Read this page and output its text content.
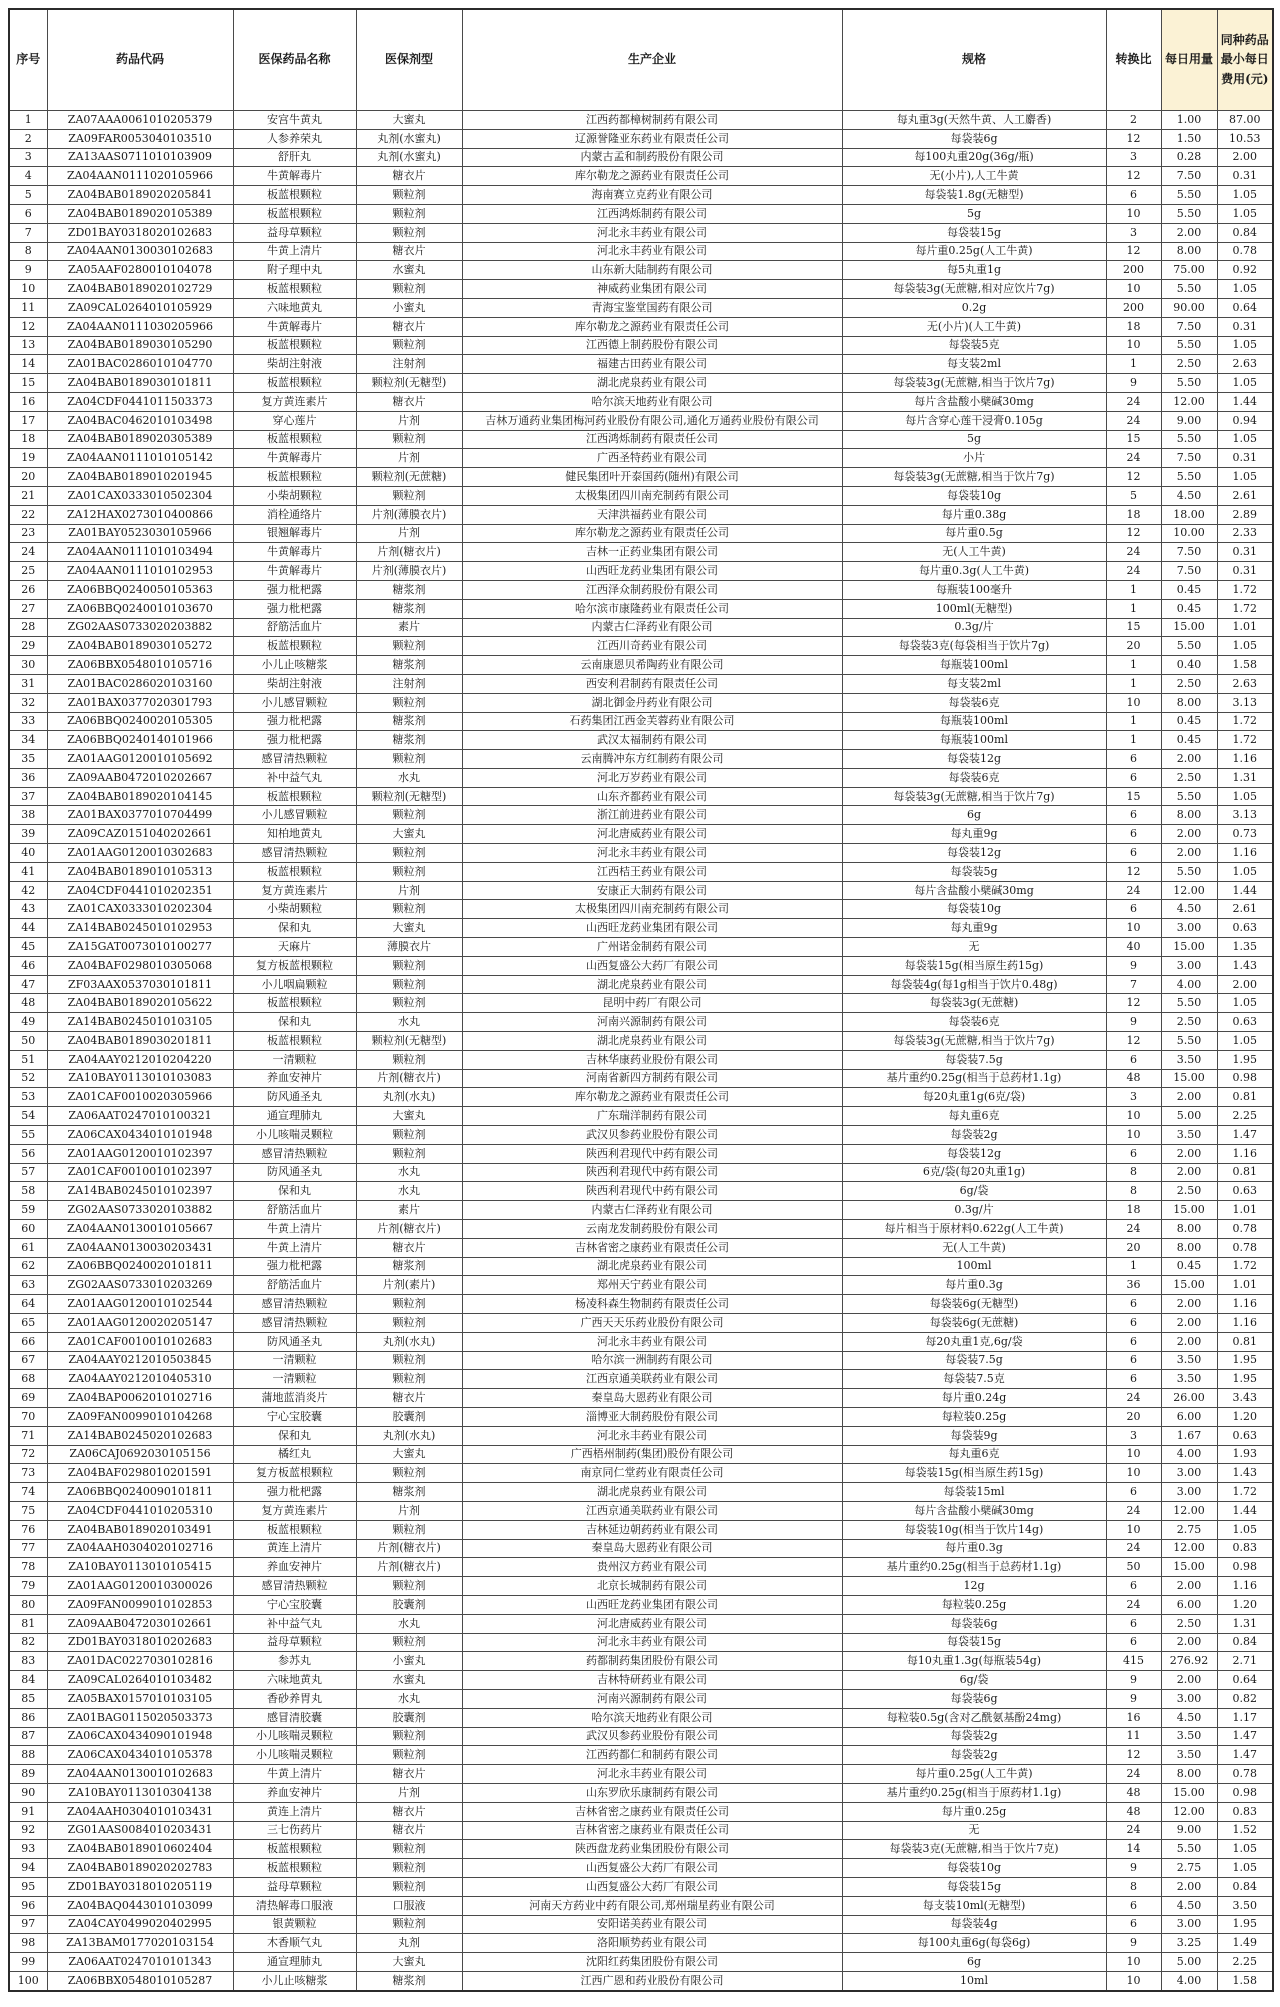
序号	药品代码	医保药品名称	医保剂型	生产企业	规格	转换比	每日用量	同种药品最小每日费用(元)
1	ZA07AAA0061010205379	安宫牛黄丸	大蜜丸	江西药都樟树制药有限公司	每丸重3g(天然牛黄、人工麝香)	2	1.00	87.00
2	ZA09FAR0053040103510	人参养荣丸	丸剂(水蜜丸)	辽源誉隆亚东药业有限责任公司	每袋装6g	12	1.50	10.53
3	ZA13AAS0711010103909	舒肝丸	丸剂(水蜜丸)	内蒙古孟和制药股份有限公司	每100丸重20g(36g/瓶)	3	0.28	2.00
4	ZA04AAN0111020105966	牛黄解毒片	糖衣片	库尔勒龙之源药业有限责任公司	无(小片),人工牛黄	12	7.50	0.31
5	ZA04BAB0189020205841	板蓝根颗粒	颗粒剂	海南赛立克药业有限公司	每袋装1.8g(无糖型)	6	5.50	1.05
6	ZA04BAB0189020105389	板蓝根颗粒	颗粒剂	江西鸿烁制药有限公司	5g	10	5.50	1.05
7	ZD01BAY0318020102683	益母草颗粒	颗粒剂	河北永丰药业有限公司	每袋装15g	3	2.00	0.84
8	ZA04AAN0130030102683	牛黄上清片	糖衣片	河北永丰药业有限公司	每片重0.25g(人工牛黄)	12	8.00	0.78
9	ZA05AAF0280010104078	附子理中丸	水蜜丸	山东新大陆制药有限公司	每5丸重1g	200	75.00	0.92
10	ZA04BAB0189020102729	板蓝根颗粒	颗粒剂	神威药业集团有限公司	每袋装3g(无蔗糖,相对应饮片7g)	10	5.50	1.05
11	ZA09CAL0264010105929	六味地黄丸	小蜜丸	青海宝鉴堂国药有限公司	0.2g	200	90.00	0.64
12	ZA04AAN0111030205966	牛黄解毒片	糖衣片	库尔勒龙之源药业有限责任公司	无(小片)(人工牛黄)	18	7.50	0.31
13	ZA04BAB0189030105290	板蓝根颗粒	颗粒剂	江西德上制药股份有限公司	每袋装5克	10	5.50	1.05
14	ZA01BAC0286010104770	柴胡注射液	注射剂	福建古田药业有限公司	每支装2ml	1	2.50	2.63
15	ZA04BAB0189030101811	板蓝根颗粒	颗粒剂(无糖型)	湖北虎泉药业有限公司	每袋装3g(无蔗糖,相当于饮片7g)	9	5.50	1.05
16	ZA04CDF0441011503373	复方黄连素片	糖衣片	哈尔滨天地药业有限公司	每片含盐酸小檗碱30mg	24	12.00	1.44
17	ZA04BAC0462010103498	穿心莲片	片剂	吉林万通药业集团梅河药业股份有限公司,通化万通药业股份有限公司	每片含穿心莲干浸膏0.105g	24	9.00	0.94
18	ZA04BAB0189020305389	板蓝根颗粒	颗粒剂	江西鸿烁制药有限责任公司	5g	15	5.50	1.05
19	ZA04AAN0111010105142	牛黄解毒片	片剂	广西圣特药业有限公司	小片	24	7.50	0.31
20	ZA04BAB0189010201945	板蓝根颗粒	颗粒剂(无蔗糖)	健民集团叶开泰国药(随州)有限公司	每袋装3g(无蔗糖,相当于饮片7g)	12	5.50	1.05
21	ZA01CAX0333010502304	小柴胡颗粒	颗粒剂	太极集团四川南充制药有限公司	每袋装10g	5	4.50	2.61
22	ZA12HAX0273010400866	消栓通络片	片剂(薄膜衣片)	天津洪福药业有限公司	每片重0.38g	18	18.00	2.89
23	ZA01BAY0523030105966	银翘解毒片	片剂	库尔勒龙之源药业有限责任公司	每片重0.5g	12	10.00	2.33
24	ZA04AAN0111010103494	牛黄解毒片	片剂(糖衣片)	吉林一正药业集团有限公司	无(人工牛黄)	24	7.50	0.31
25	ZA04AAN0111010102953	牛黄解毒片	片剂(薄膜衣片)	山西旺龙药业集团有限公司	每片重0.3g(人工牛黄)	24	7.50	0.31
26	ZA06BBQ0240050105363	强力枇杷露	糖浆剂	江西泽众制药股份有限公司	每瓶装100毫升	1	0.45	1.72
27	ZA06BBQ0240010103670	强力枇杷露	糖浆剂	哈尔滨市康隆药业有限责任公司	100ml(无糖型)	1	0.45	1.72
28	ZG02AAS0733020203882	舒筋活血片	素片	内蒙古仁泽药业有限公司	0.3g/片	15	15.00	1.01
29	ZA04BAB0189030105272	板蓝根颗粒	颗粒剂	江西川奇药业有限公司	每袋装3克(每袋相当于饮片7g)	20	5.50	1.05
30	ZA06BBX0548010105716	小儿止咳糖浆	糖浆剂	云南康恩贝希陶药业有限公司	每瓶装100ml	1	0.40	1.58
31	ZA01BAC0286020103160	柴胡注射液	注射剂	西安利君制药有限责任公司	每支装2ml	1	2.50	2.63
32	ZA01BAX0377020301793	小儿感冒颗粒	颗粒剂	湖北御金丹药业有限公司	每袋装6克	10	8.00	3.13
33	ZA06BBQ0240020105305	强力枇杷露	糖浆剂	石药集团江西金芙蓉药业有限公司	每瓶装100ml	1	0.45	1.72
34	ZA06BBQ0240140101966	强力枇杷露	糖浆剂	武汉太福制药有限公司	每瓶装100ml	1	0.45	1.72
35	ZA01AAG0120010105692	感冒清热颗粒	颗粒剂	云南腾冲东方红制药有限公司	每袋装12g	6	2.00	1.16
36	ZA09AAB0472010202667	补中益气丸	水丸	河北万岁药业有限公司	每袋装6克	6	2.50	1.31
37	ZA04BAB0189020104145	板蓝根颗粒	颗粒剂(无糖型)	山东齐都药业有限公司	每袋装3g(无蔗糖,相当于饮片7g)	15	5.50	1.05
38	ZA01BAX0377010704499	小儿感冒颗粒	颗粒剂	浙江前进药业有限公司	6g	6	8.00	3.13
39	ZA09CAZ0151040202661	知柏地黄丸	大蜜丸	河北唐威药业有限公司	每丸重9g	6	2.00	0.73
40	ZA01AAG0120010302683	感冒清热颗粒	颗粒剂	河北永丰药业有限公司	每袋装12g	6	2.00	1.16
41	ZA04BAB0189010105313	板蓝根颗粒	颗粒剂	江西桔王药业有限公司	每袋装5g	12	5.50	1.05
42	ZA04CDF0441010202351	复方黄连素片	片剂	安康正大制药有限公司	每片含盐酸小檗碱30mg	24	12.00	1.44
43	ZA01CAX0333010202304	小柴胡颗粒	颗粒剂	太极集团四川南充制药有限公司	每袋装10g	6	4.50	2.61
44	ZA14BAB0245010102953	保和丸	大蜜丸	山西旺龙药业集团有限公司	每丸重9g	10	3.00	0.63
45	ZA15GAT0073010100277	天麻片	薄膜衣片	广州诺金制药有限公司	无	40	15.00	1.35
46	ZA04BAF0298010305068	复方板蓝根颗粒	颗粒剂	山西复盛公大药厂有限公司	每袋装15g(相当原生药15g)	9	3.00	1.43
47	ZF03AAX0537030101811	小儿咽扁颗粒	颗粒剂	湖北虎泉药业有限公司	每袋装4g(每1g相当于饮片0.48g)	7	4.00	2.00
48	ZA04BAB0189020105622	板蓝根颗粒	颗粒剂	昆明中药厂有限公司	每袋装3g(无蔗糖)	12	5.50	1.05
49	ZA14BAB0245010103105	保和丸	水丸	河南兴源制药有限公司	每袋装6克	9	2.50	0.63
50	ZA04BAB0189030201811	板蓝根颗粒	颗粒剂(无糖型)	湖北虎泉药业有限公司	每袋装3g(无蔗糖,相当于饮片7g)	12	5.50	1.05
51	ZA04AAY0212010204220	一清颗粒	颗粒剂	吉林华康药业股份有限公司	每袋装7.5g	6	3.50	1.95
52	ZA10BAY0113010103083	养血安神片	片剂(糖衣片)	河南省新四方制药有限公司	基片重约0.25g(相当于总药材1.1g)	48	15.00	0.98
53	ZA01CAF0010020305966	防风通圣丸	丸剂(水丸)	库尔勒龙之源药业有限责任公司	每20丸重1g(6克/袋)	3	2.00	0.81
54	ZA06AAT0247010100321	通宣理肺丸	大蜜丸	广东瑞洋制药有限公司	每丸重6克	10	5.00	2.25
55	ZA06CAX0434010101948	小儿咳喘灵颗粒	颗粒剂	武汉贝参药业股份有限公司	每袋装2g	10	3.50	1.47
56	ZA01AAG0120010102397	感冒清热颗粒	颗粒剂	陕西利君现代中药有限公司	每袋装12g	6	2.00	1.16
57	ZA01CAF0010010102397	防风通圣丸	水丸	陕西利君现代中药有限公司	6克/袋(每20丸重1g)	8	2.00	0.81
58	ZA14BAB0245010102397	保和丸	水丸	陕西利君现代中药有限公司	6g/袋	8	2.50	0.63
59	ZG02AAS0733020103882	舒筋活血片	素片	内蒙古仁泽药业有限公司	0.3g/片	18	15.00	1.01
60	ZA04AAN0130010105667	牛黄上清片	片剂(糖衣片)	云南龙发制药股份有限公司	每片相当于原材料0.622g(人工牛黄)	24	8.00	0.78
61	ZA04AAN0130030203431	牛黄上清片	糖衣片	吉林省密之康药业有限责任公司	无(人工牛黄)	20	8.00	0.78
62	ZA06BBQ0240020101811	强力枇杷露	糖浆剂	湖北虎泉药业有限公司	100ml	1	0.45	1.72
63	ZG02AAS0733010203269	舒筋活血片	片剂(素片)	郑州天宁药业有限公司	每片重0.3g	36	15.00	1.01
64	ZA01AAG0120010102544	感冒清热颗粒	颗粒剂	杨凌科森生物制药有限责任公司	每袋装6g(无糖型)	6	2.00	1.16
65	ZA01AAG0120020205147	感冒清热颗粒	颗粒剂	广西天天乐药业股份有限公司	每袋装6g(无蔗糖)	6	2.00	1.16
66	ZA01CAF0010010102683	防风通圣丸	丸剂(水丸)	河北永丰药业有限公司	每20丸重1克,6g/袋	6	2.00	0.81
67	ZA04AAY0212010503845	一清颗粒	颗粒剂	哈尔滨一洲制药有限公司	每袋装7.5g	6	3.50	1.95
68	ZA04AAY0212010405310	一清颗粒	颗粒剂	江西京通美联药业有限公司	每袋装7.5克	6	3.50	1.95
69	ZA04BAP0062010102716	蒲地蓝消炎片	糖衣片	秦皇岛大恩药业有限公司	每片重0.24g	24	26.00	3.43
70	ZA09FAN0099010104268	宁心宝胶囊	胶囊剂	淄博亚大制药股份有限公司	每粒装0.25g	20	6.00	1.20
71	ZA14BAB0245020102683	保和丸	丸剂(水丸)	河北永丰药业有限公司	每袋装9g	3	1.67	0.63
72	ZA06CAJ0692030105156	橘红丸	大蜜丸	广西梧州制药(集团)股份有限公司	每丸重6克	10	4.00	1.93
73	ZA04BAF0298010201591	复方板蓝根颗粒	颗粒剂	南京同仁堂药业有限责任公司	每袋装15g(相当原生药15g)	10	3.00	1.43
74	ZA06BBQ0240090101811	强力枇杷露	糖浆剂	湖北虎泉药业有限公司	每袋装15ml	6	3.00	1.72
75	ZA04CDF0441010205310	复方黄连素片	片剂	江西京通美联药业有限公司	每片含盐酸小檗碱30mg	24	12.00	1.44
76	ZA04BAB0189020103491	板蓝根颗粒	颗粒剂	吉林延边朝药药业有限公司	每袋装10g(相当于饮片14g)	10	2.75	1.05
77	ZA04AAH0304020102716	黄连上清片	片剂(糖衣片)	秦皇岛大恩药业有限公司	每片重0.3g	24	12.00	0.83
78	ZA10BAY0113010105415	养血安神片	片剂(糖衣片)	贵州汉方药业有限公司	基片重约0.25g(相当于总药材1.1g)	50	15.00	0.98
79	ZA01AAG0120010300026	感冒清热颗粒	颗粒剂	北京长城制药有限公司	12g	6	2.00	1.16
80	ZA09FAN0099010102853	宁心宝胶囊	胶囊剂	山西旺龙药业集团有限公司	每粒装0.25g	24	6.00	1.20
81	ZA09AAB0472030102661	补中益气丸	水丸	河北唐威药业有限公司	每袋装6g	6	2.50	1.31
82	ZD01BAY0318010202683	益母草颗粒	颗粒剂	河北永丰药业有限公司	每袋装15g	6	2.00	0.84
83	ZA01DAC0227030102816	参苏丸	小蜜丸	药都制药集团股份有限公司	每10丸重1.3g(每瓶装54g)	415	276.92	2.71
84	ZA09CAL0264010103482	六味地黄丸	水蜜丸	吉林特研药业有限公司	6g/袋	9	2.00	0.64
85	ZA05BAX0157010103105	香砂养胃丸	水丸	河南兴源制药有限公司	每袋装6g	9	3.00	0.82
86	ZA01BAG0115020503373	感冒清胶囊	胶囊剂	哈尔滨天地药业有限公司	每粒装0.5g(含对乙酰氨基酚24mg)	16	4.50	1.17
87	ZA06CAX0434090101948	小儿咳喘灵颗粒	颗粒剂	武汉贝参药业股份有限公司	每袋装2g	11	3.50	1.47
88	ZA06CAX0434010105378	小儿咳喘灵颗粒	颗粒剂	江西药都仁和制药有限公司	每袋装2g	12	3.50	1.47
89	ZA04AAN0130010102683	牛黄上清片	糖衣片	河北永丰药业有限公司	每片重0.25g(人工牛黄)	24	8.00	0.78
90	ZA10BAY0113010304138	养血安神片	片剂	山东罗欣乐康制药有限公司	基片重约0.25g(相当于原药材1.1g)	48	15.00	0.98
91	ZA04AAH0304010103431	黄连上清片	糖衣片	吉林省密之康药业有限责任公司	每片重0.25g	48	12.00	0.83
92	ZG01AAS0084010203431	三七伤药片	糖衣片	吉林省密之康药业有限责任公司	无	24	9.00	1.52
93	ZA04BAB0189010602404	板蓝根颗粒	颗粒剂	陕西盘龙药业集团股份有限公司	每袋装3克(无蔗糖,相当于饮片7克)	14	5.50	1.05
94	ZA04BAB0189020202783	板蓝根颗粒	颗粒剂	山西复盛公大药厂有限公司	每袋装10g	9	2.75	1.05
95	ZD01BAY0318010205119	益母草颗粒	颗粒剂	山西复盛公大药厂有限公司	每袋装15g	8	2.00	0.84
96	ZA04BAQ0443010103099	清热解毒口服液	口服液	河南天方药业中药有限公司,郑州瑞星药业有限公司	每支装10ml(无糖型)	6	4.50	3.50
97	ZA04CAY0499020402995	银黄颗粒	颗粒剂	安阳诺美药业有限公司	每袋装4g	6	3.00	1.95
98	ZA13BAM0177020103154	木香顺气丸	丸剂	洛阳顺势药业有限公司	每100丸重6g(每袋6g)	9	3.25	1.49
99	ZA06AAT0247010101343	通宣理肺丸	大蜜丸	沈阳红药集团股份有限公司	6g	10	5.00	2.25
100	ZA06BBX0548010105287	小儿止咳糖浆	糖浆剂	江西广恩和药业股份有限公司	10ml	10	4.00	1.58
